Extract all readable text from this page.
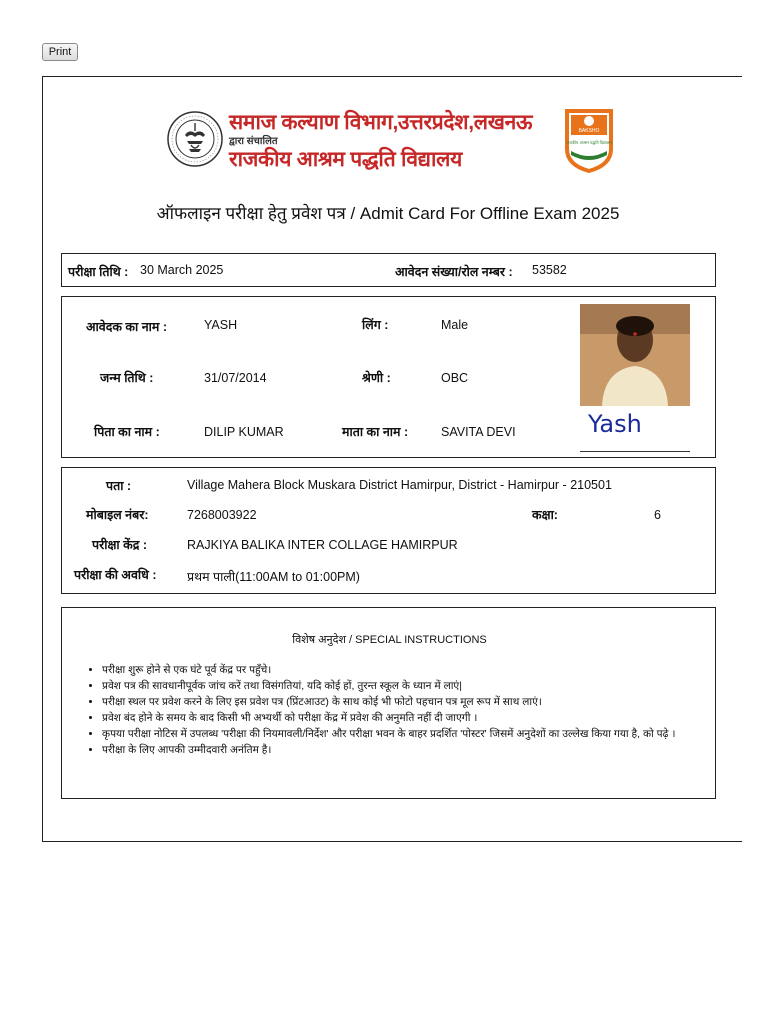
Print
समाज कल्याण विभाग,उत्तरप्रदेश,लखनऊ
द्वारा संचालित
राजकीय आश्रम पद्धति विद्यालय
BAKSHO
राजकीय आश्रम पद्धति विद्यालय
ऑफलाइन परीक्षा हेतु प्रवेश पत्र / Admit Card For Offline Exam 2025
परीक्षा तिथि : 30 March 2025	आवेदन संख्या/रोल नम्बर : 53582
आवेदक का नाम :	YASH	लिंग :	Male
जन्म तिथि :	31/07/2014	श्रेणी :	OBC
पिता का नाम :	DILIP KUMAR	माता का नाम :	SAVITA DEVI	Yash
पता :	Village Mahera Block Muskara District Hamirpur, District - Hamirpur - 210501
मोबाइल नंबर:	7268003922	कक्षा:	6
परीक्षा केंद्र :	RAJKIYA BALIKA INTER COLLAGE HAMIRPUR
परीक्षा की अवधि : प्रथम पाली(11:00AM to 01:00PM)
विशेष अनुदेश / SPECIAL INSTRUCTIONS
• परीक्षा शुरू होने से एक घंटे पूर्व केंद्र पर पहुँचे।
• प्रवेश पत्र की सावधानीपूर्वक जांच करें तथा विसंगतियां, यदि कोई हों, तुरन्त स्कूल के ध्यान में लाएं|
• परीक्षा स्थल पर प्रवेश करने के लिए इस प्रवेश पत्र (प्रिंटआउट) के साथ कोई भी फोटो पहचान पत्र मूल रूप में साथ लाएं।
• प्रवेश बंद होने के समय के बाद किसी भी अभ्यर्थी को परीक्षा केंद्र में प्रवेश की अनुमति नहीं दी जाएगी ।
• कृपया परीक्षा नोटिस में उपलब्ध 'परीक्षा की नियमावली/निर्देश' और परीक्षा भवन के बाहर प्रदर्शित 'पोस्टर' जिसमें अनुदेशों का उल्लेख किया गया है, को पढ़े ।
• परीक्षा के लिए आपकी उम्मीदवारी अनंतिम है।
